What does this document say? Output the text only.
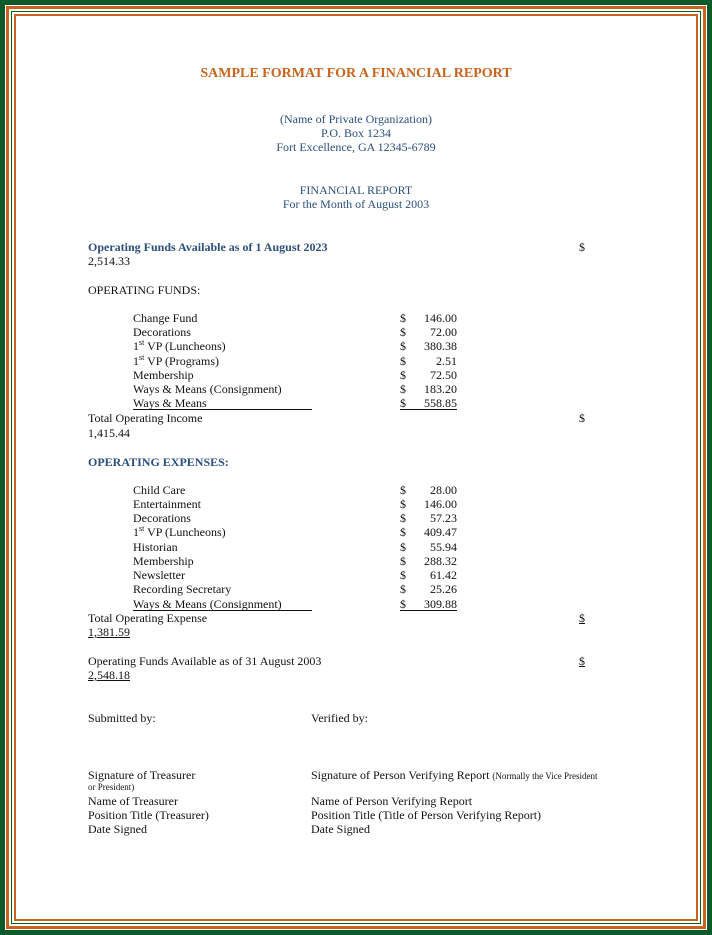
SAMPLE FORMAT FOR A FINANCIAL REPORT
(Name of Private Organization)
P.O. Box 1234
Fort Excellence, GA 12345-6789
FINANCIAL REPORT
For the Month of August 2003
Operating Funds Available as of 1 August 2023	$
2,514.33
OPERATING FUNDS:
Change Fund	$	146.00
Decorations	$	72.00
1st VP (Luncheons)	$	380.38
1st VP (Programs)	$	2.51
Membership	$	72.50
Ways & Means (Consignment)	$	183.20
Ways & Means	$	558.85
Total Operating Income	$
1,415.44
OPERATING EXPENSES:
Child Care	$	28.00
Entertainment	$	146.00
Decorations	$	57.23
1st VP (Luncheons)	$	409.47
Historian	$	55.94
Membership	$	288.32
Newsletter	$	61.42
Recording Secretary	$	25.26
Ways & Means (Consignment)	$	309.88
Total Operating Expense	$
1,381.59
Operating Funds Available as of 31 August 2003	$
2,548.18
Submitted by:	Verified by:
Signature of Treasurer	Signature of Person Verifying Report (Normally the Vice President
or President)
Name of Treasurer	Name of Person Verifying Report
Position Title (Treasurer)	Position Title (Title of Person Verifying Report)
Date Signed	Date Signed
